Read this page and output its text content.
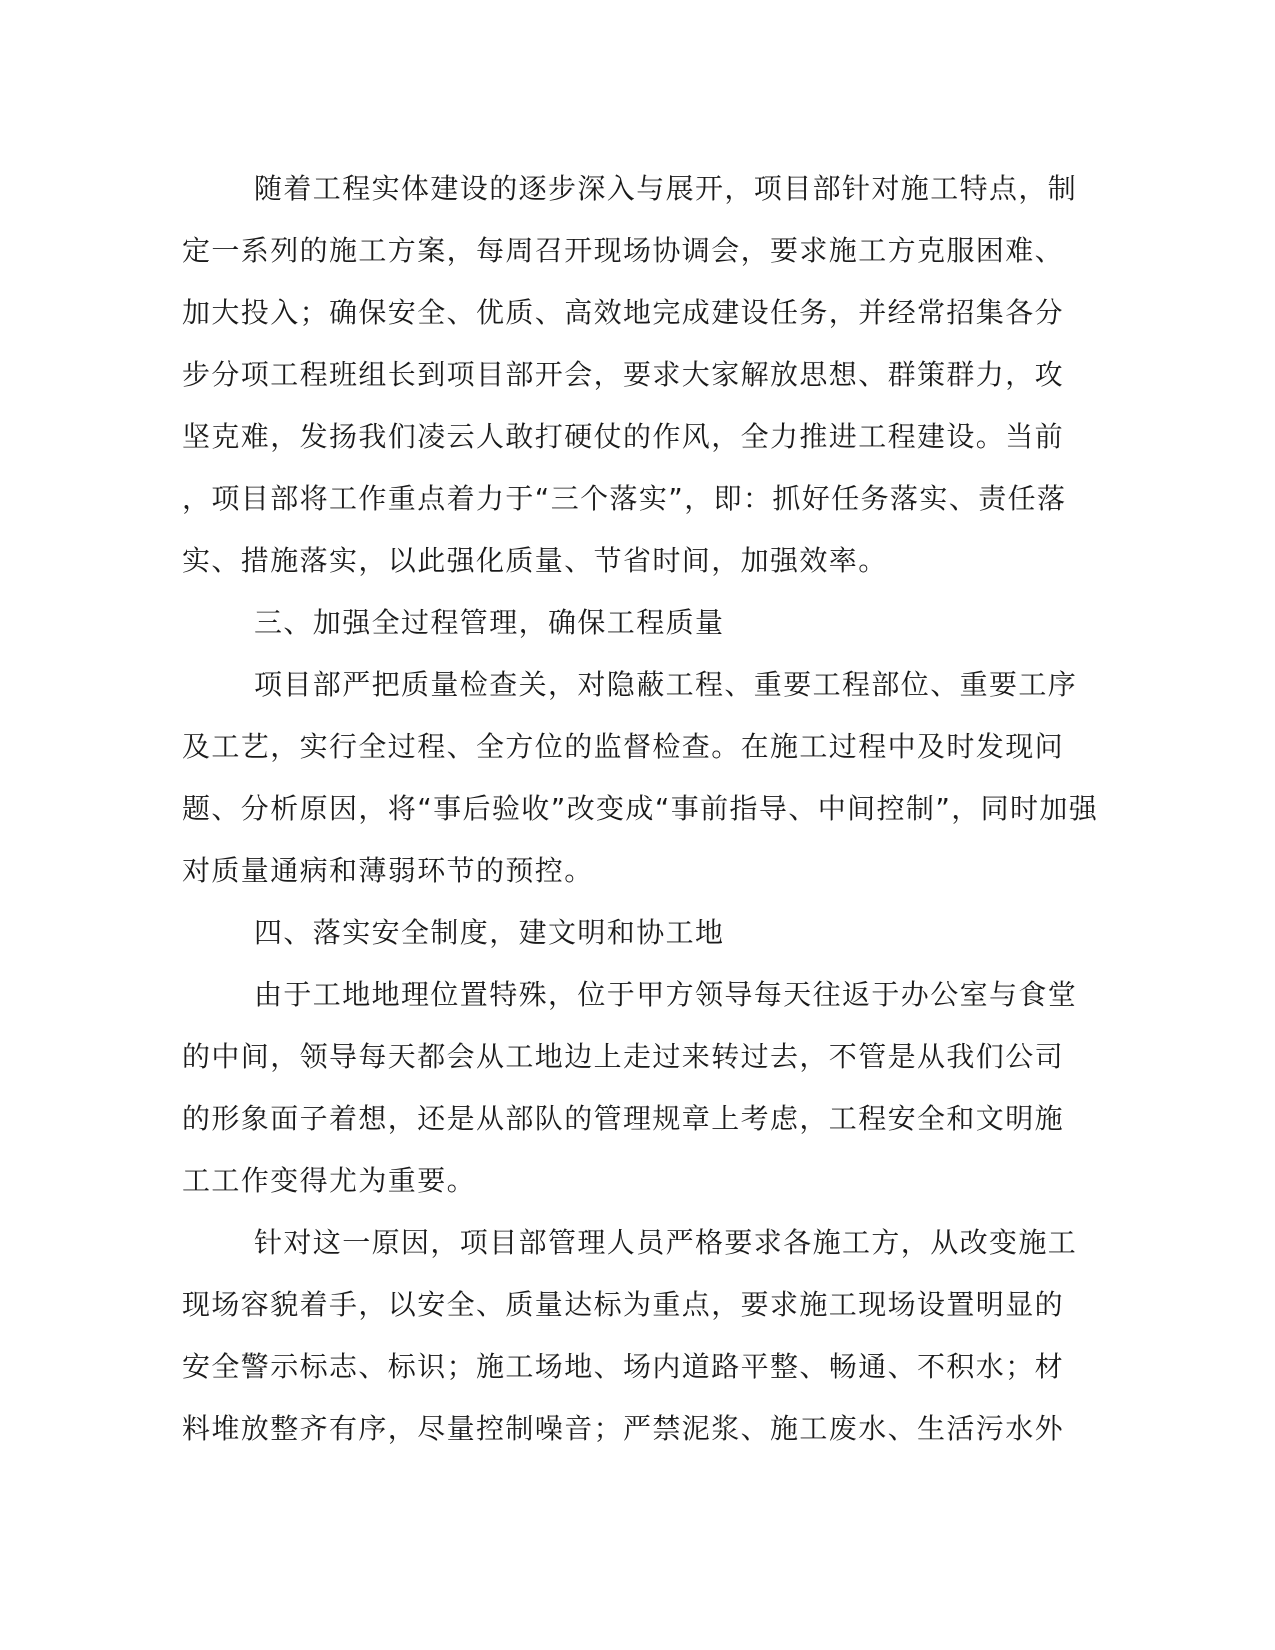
随着工程实体建设的逐步深入与展开，项目部针对施工特点，制
定一系列的施工方案，每周召开现场协调会，要求施工方克服困难、
加大投入；确保安全、优质、高效地完成建设任务，并经常招集各分
步分项工程班组长到项目部开会，要求大家解放思想、群策群力，攻
坚克难，发扬我们凌云人敢打硬仗的作风，全力推进工程建设。当前
，项目部将工作重点着力于“三个落实”，即：抓好任务落实、责任落
实、措施落实，以此强化质量、节省时间，加强效率。
三、加强全过程管理，确保工程质量
项目部严把质量检查关，对隐蔽工程、重要工程部位、重要工序
及工艺，实行全过程、全方位的监督检查。在施工过程中及时发现问
题、分析原因，将“事后验收”改变成“事前指导、中间控制”，同时加强
对质量通病和薄弱环节的预控。
四、落实安全制度，建文明和协工地
由于工地地理位置特殊，位于甲方领导每天往返于办公室与食堂
的中间，领导每天都会从工地边上走过来转过去，不管是从我们公司
的形象面子着想，还是从部队的管理规章上考虑，工程安全和文明施
工工作变得尤为重要。
针对这一原因，项目部管理人员严格要求各施工方，从改变施工
现场容貌着手，以安全、质量达标为重点，要求施工现场设置明显的
安全警示标志、标识；施工场地、场内道路平整、畅通、不积水；材
料堆放整齐有序，尽量控制噪音；严禁泥浆、施工废水、生活污水外
